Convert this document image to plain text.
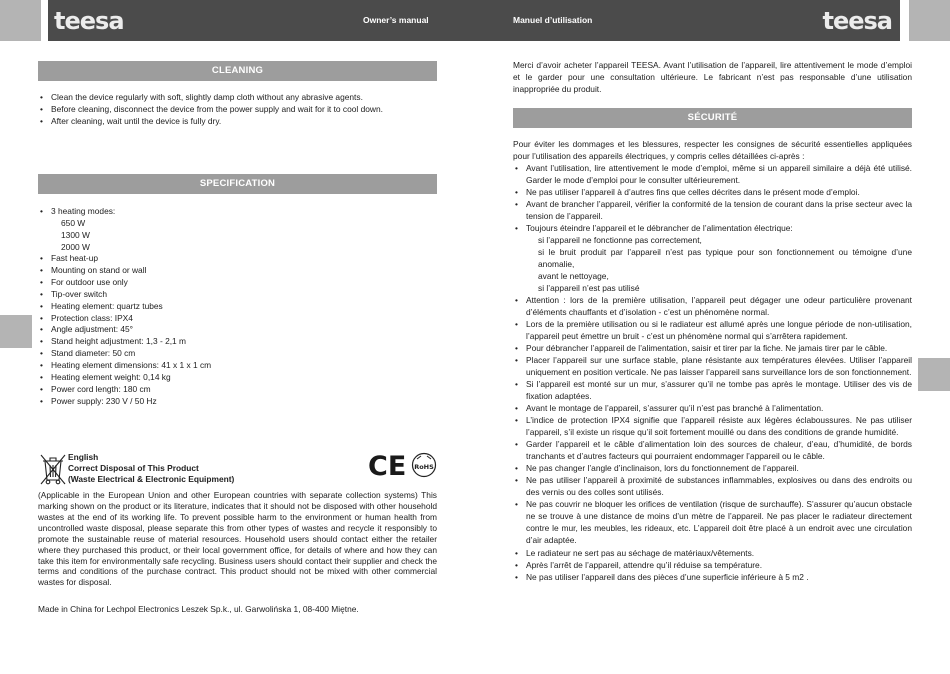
teesa	Owner’s manual	Manuel d’utilisation	teesa
CLEANING
• Clean the device regularly with soft, slightly damp cloth without any abrasive agents.
• Before cleaning, disconnect the device from the power supply and wait for it to cool down.
• After cleaning, wait until the device is fully dry.
SPECIFICATION
• 3 heating modes:
650 W
1300 W
2000 W
• Fast heat-up
• Mounting on stand or wall
• For outdoor use only
• Tip-over switch
• Heating element: quartz tubes
• Protection class: IPX4
• Angle adjustment: 45°
• Stand height adjustment: 1,3 - 2,1 m
• Stand diameter: 50 cm
• Heating element dimensions: 41 x 1 x 1 cm
• Heating element weight: 0,14 kg
• Power cord length: 180 cm
• Power supply: 230 V / 50 Hz
English
Correct Disposal of This Product
(Waste Electrical & Electronic Equipment)	CE RoHS
(Applicable in the European Union and other European countries with separate collection systems) This marking shown on the product or its literature, indicates that it should not be disposed with other household wastes at the end of its working life. To prevent possible harm to the environment or human health from uncontrolled waste disposal, please separate this from other types of wastes and recycle it responsibly to promote the sustainable reuse of material resources. Household users should contact either the retailer where they purchased this product, or their local government office, for details of where and how they can take this item for environmentally safe recycling. Business users should contact their supplier and check the terms and conditions of the purchase contract. This product should not be mixed with other commercial wastes for disposal.
Made in China for Lechpol Electronics Leszek Sp.k., ul. Garwolińska 1, 08-400 Miętne.
Merci d’avoir acheter l’appareil TEESA. Avant l’utilisation de l’appareil, lire attentivement le mode d’emploi et le garder pour une consultation ultérieure. Le fabricant n’est pas responsable d’une utilisation inappropriée du produit.
SÉCURITÉ
Pour éviter les dommages et les blessures, respecter les consignes de sécurité essentielles appliquées pour l’utilisation des appareils électriques, y compris celles détaillées ci-après :
• Avant l’utilisation, lire attentivement le mode d’emploi, même si un appareil similaire a déjà été utilisé. Garder le mode d’emploi pour le consulter ultérieurement.
• Ne pas utiliser l’appareil à d’autres fins que celles décrites dans le présent mode d’emploi.
• Avant de brancher l’appareil, vérifier la conformité de la tension de courant dans la prise secteur avec la tension de l’appareil.
• Toujours éteindre l’appareil et le débrancher de l’alimentation électrique:
si l’appareil ne fonctionne pas correctement,
si le bruit produit par l’appareil n’est pas typique pour son fonctionnement ou témoigne d’une anomalie,
avant le nettoyage,
si l’appareil n’est pas utilisé
• Attention : lors de la première utilisation, l’appareil peut dégager une odeur particulière provenant d’éléments chauffants et d’isolation - c’est un phénomène normal.
• Lors de la première utilisation ou si le radiateur est allumé après une longue période de non-utilisation, l’appareil peut émettre un bruit - c’est un phénomène normal qui s’arrêtera rapidement.
• Pour débrancher l’appareil de l’alimentation, saisir et tirer par la fiche. Ne jamais tirer par le câble.
• Placer l’appareil sur une surface stable, plane résistante aux températures élevées. Utiliser l’appareil uniquement en position verticale. Ne pas laisser l’appareil sans surveillance lors de son fonctionnement.
• Si l’appareil est monté sur un mur, s’assurer qu’il ne tombe pas après le montage. Utiliser des vis de fixation adaptées.
• Avant le montage de l’appareil, s’assurer qu’il n’est pas branché à l’alimentation.
• L’indice de protection IPX4 signifie que l’appareil résiste aux légères éclaboussures. Ne pas utiliser l’appareil, s’il existe un risque qu’il soit fortement mouillé ou dans des conditions de grande humidité.
• Garder l’appareil et le câble d’alimentation loin des sources de chaleur, d’eau, d’humidité, de bords tranchants et d’autres facteurs qui pourraient endommager l’appareil ou le câble.
• Ne pas changer l’angle d’inclinaison, lors du fonctionnement de l’appareil.
• Ne pas utiliser l’appareil à proximité de substances inflammables, explosives ou dans des endroits ou des vernis ou des colles sont utilisés.
• Ne pas couvrir ne bloquer les orifices de ventilation (risque de surchauffe). S’assurer qu’aucun obstacle ne se trouve à une distance de moins d’un mètre de l’appareil. Ne pas placer le radiateur directement contre le mur, les meubles, les rideaux, etc. L’appareil doit être placé à un endroit avec une circulation d’air adaptée.
• Le radiateur ne sert pas au séchage de matériaux/vêtements.
• Après l’arrêt de l’appareil, attendre qu’il réduise sa température.
• Ne pas utiliser l’appareil dans des pièces d’une superficie inférieure à 5 m2 .
